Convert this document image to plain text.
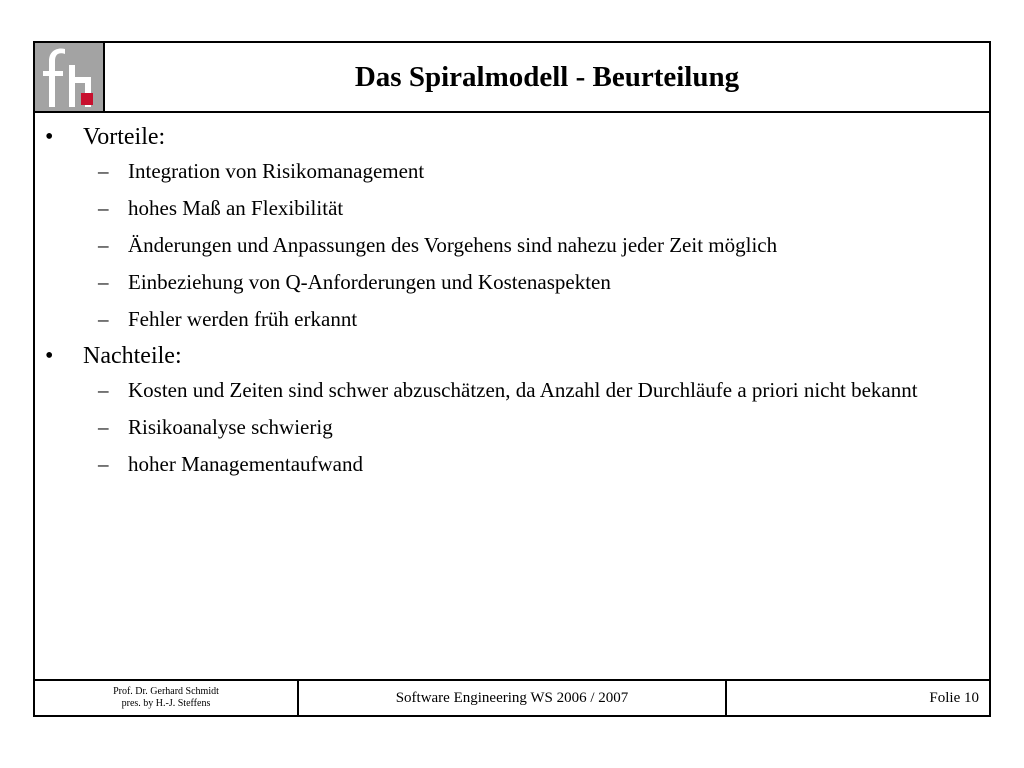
Das Spiralmodell - Beurteilung
• Vorteile:
– Integration von Risikomanagement
– hohes Maß an Flexibilität
– Änderungen und Anpassungen des Vorgehens sind nahezu jeder Zeit möglich
– Einbeziehung von Q-Anforderungen und Kostenaspekten
– Fehler werden früh erkannt
• Nachteile:
– Kosten und Zeiten sind schwer abzuschätzen, da Anzahl der Durchläufe a priori nicht bekannt
– Risikoanalyse schwierig
– hoher Managementaufwand
Prof. Dr. Gerhard Schmidt
pres. by H.-J. Steffens	Software Engineering WS 2006 / 2007	Folie 10
